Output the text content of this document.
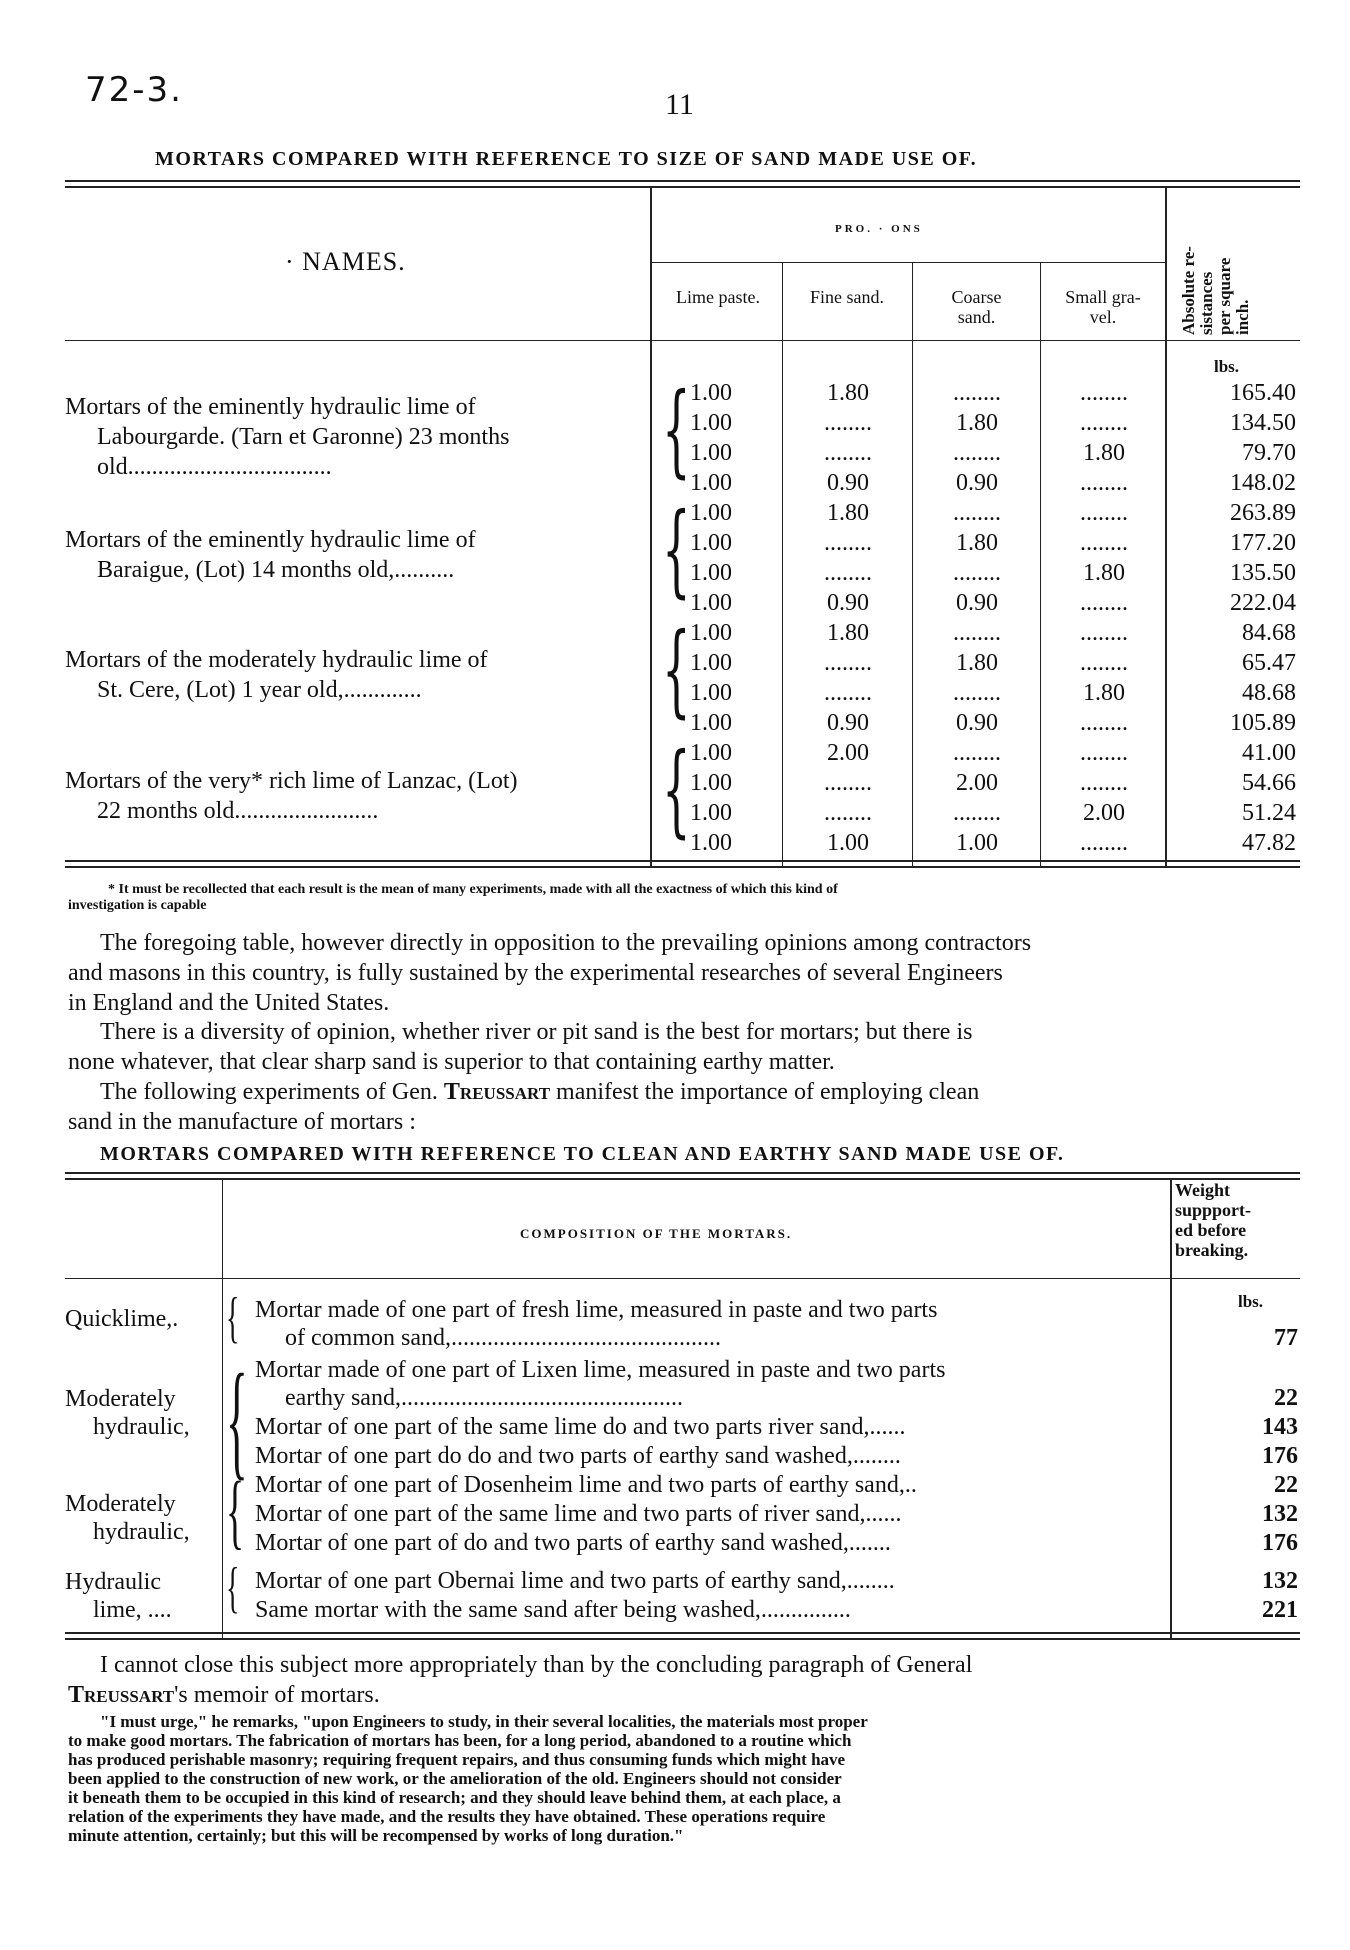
72-3.	11
MORTARS COMPARED WITH REFERENCE TO SIZE OF SAND MADE USE OF.
· NAMES.
PRO. · ONS
Lime paste.	Fine sand.	Coarse
sand.
Small gra-
vel.	Absolute re- sistances per square inch.
lbs.
Mortars of the eminently hydraulic lime of
Labourgarde. (Tarn et Garonne) 23 months
old..................................
Mortars of the eminently hydraulic lime of
Baraigue, (Lot) 14 months old,..........
Mortars of the moderately hydraulic lime of
St. Cere, (Lot) 1 year old,.............
Mortars of the very* rich lime of Lanzac, (Lot)
22 months old........................
{
{
{
{
1.00	1.80	........	........	165.40
1.00	........	1.80	........	134.50
1.00	........	........	1.80	79.70
1.00	0.90	0.90	........	148.02
1.00	1.80	........	........	263.89
1.00	........	1.80	........	177.20
1.00	........	........	1.80	135.50
1.00	0.90	0.90	........	222.04
1.00	1.80	........	........	84.68
1.00	........	1.80	........	65.47
1.00	........	........	1.80	48.68
1.00	0.90	0.90	........	105.89
1.00	2.00	........	........	41.00
1.00	........	2.00	........	54.66
1.00	........	........	2.00	51.24
1.00	1.00	1.00	........	47.82
* It must be recollected that each result is the mean of many experiments, made with all the exactness of which this kind of
investigation is capable
The foregoing table, however directly in opposition to the prevailing opinions among contractors
and masons in this country, is fully sustained by the experimental researches of several Engineers
in England and the United States.
There is a diversity of opinion, whether river or pit sand is the best for mortars; but there is
none whatever, that clear sharp sand is superior to that containing earthy matter.
The following experiments of Gen. Treussart manifest the importance of employing clean
sand in the manufacture of mortars :
MORTARS COMPARED WITH REFERENCE TO CLEAN AND EARTHY SAND MADE USE OF.
COMPOSITION OF THE MORTARS.
Weight
suppport-
ed before
breaking.
lbs.
Quicklime,.
Moderately
hydraulic,
Moderately
hydraulic,
Hydraulic
lime, ....
{
{
{
{
Mortar made of one part of fresh lime, measured in paste and two parts
of common sand,.............................................	77
Mortar made of one part of Lixen lime, measured in paste and two parts
earthy sand,...............................................	22
Mortar of one part of the same lime do and two parts river sand,......	143
Mortar of one part do do and two parts of earthy sand washed,........	176
Mortar of one part of Dosenheim lime and two parts of earthy sand,..	22
Mortar of one part of the same lime and two parts of river sand,......	132
Mortar of one part of do and two parts of earthy sand washed,.......	176
Mortar of one part Obernai lime and two parts of earthy sand,........	132
Same mortar with the same sand after being washed,...............	221
I cannot close this subject more appropriately than by the concluding paragraph of General
Treussart's memoir of mortars.
"I must urge," he remarks, "upon Engineers to study, in their several localities, the materials most proper
to make good mortars. The fabrication of mortars has been, for a long period, abandoned to a routine which
has produced perishable masonry; requiring frequent repairs, and thus consuming funds which might have
been applied to the construction of new work, or the amelioration of the old. Engineers should not consider
it beneath them to be occupied in this kind of research; and they should leave behind them, at each place, a
relation of the experiments they have made, and the results they have obtained. These operations require
minute attention, certainly; but this will be recompensed by works of long duration."
